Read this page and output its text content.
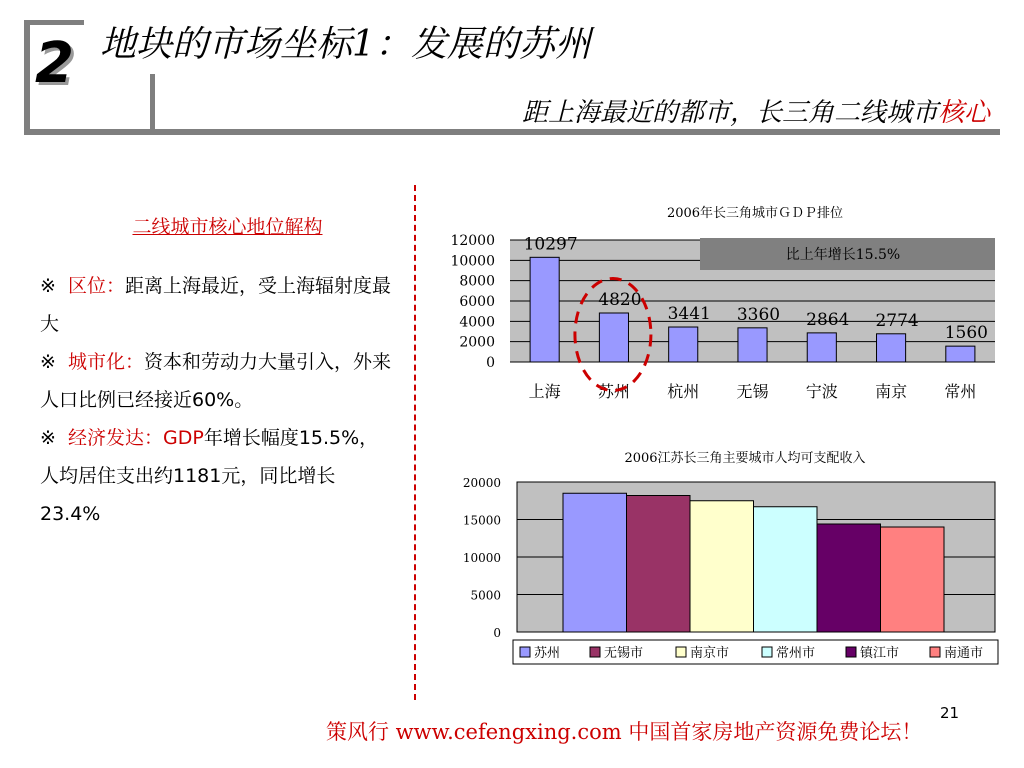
2 地块的市场坐标1：发展的苏州
距上海最近的都市，长三角二线城市核心
二线城市核心地位解构

※ 区位：距离上海最近，受上海辐射度最大

※ 城市化：资本和劳动力大量引入，外来人口比例已经接近60%。

※ 经济发达：GDP年增长幅度15.5%，人均居住支出约1181元，同比增长23.4%

2006年长三角城市ＧＤＰ排位
12000
10000
8000
6000
4000
2000
0
10297
上海
4820
苏州
3441
杭州
3360
无锡
2864
宁波
2774
南京
1560
常州
比上年增长15.5%
2006江苏长三角主要城市人均可支配收入
20000
15000
10000
5000
0
苏州	无锡市	南京市	常州市	镇江市	南通市
21
策风行 www.cefengxing.com 中国首家房地产资源免费论坛！
